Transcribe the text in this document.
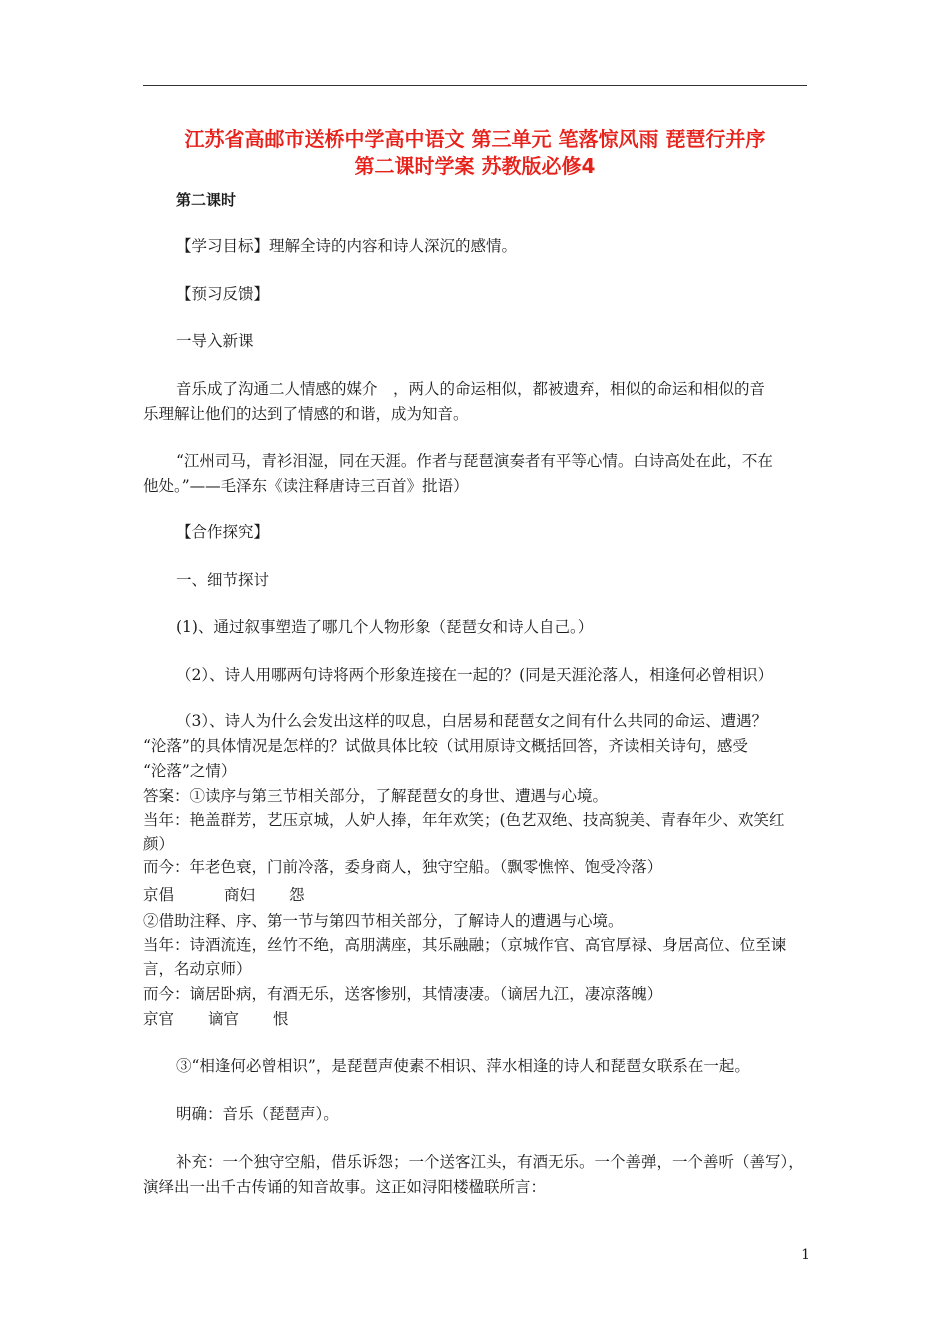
江苏省高邮市送桥中学高中语文 第三单元 笔落惊风雨 琵琶行并序
第二课时学案 苏教版必修4
第二课时
【学习目标】理解全诗的内容和诗人深沉的感情。
【预习反馈】
一导入新课
音乐成了沟通二人情感的媒介　，两人的命运相似，都被遗弃，相似的命运和相似的音
乐理解让他们的达到了情感的和谐，成为知音。
“江州司马，青衫泪湿，同在天涯。作者与琵琶演奏者有平等心情。白诗高处在此，不在
他处。”——毛泽东《读注释唐诗三百首》批语）
【合作探究】
一、细节探讨
(1)、通过叙事塑造了哪几个人物形象（琵琶女和诗人自己。）
（2）、诗人用哪两句诗将两个形象连接在一起的？(同是天涯沦落人，相逢何必曾相识）
（3）、诗人为什么会发出这样的叹息，白居易和琵琶女之间有什么共同的命运、遭遇？
“沦落”的具体情况是怎样的？试做具体比较（试用原诗文概括回答，齐读相关诗句，感受
“沦落”之情）
答案：①读序与第三节相关部分，了解琵琶女的身世、遭遇与心境。
当年：艳盖群芳，艺压京城，人妒人捧，年年欢笑；(色艺双绝、技高貌美、青春年少、欢笑红
颜）
而今：年老色衰，门前冷落，委身商人，独守空船。（飘零憔悴、饱受冷落）
京倡	商妇 怨
②借助注释、序、第一节与第四节相关部分，了解诗人的遭遇与心境。
当年：诗酒流连，丝竹不绝，高朋满座，其乐融融；（京城作官、高官厚禄、身居高位、位至谏
言，名动京师）
而今：谪居卧病，有酒无乐，送客惨别，其情凄凄。（谪居九江，凄凉落魄）
京官 谪官 恨
③“相逢何必曾相识”，是琵琶声使素不相识、萍水相逢的诗人和琵琶女联系在一起。
明确：音乐（琵琶声）。
补充：一个独守空船，借乐诉怨；一个送客江头，有酒无乐。一个善弹，一个善听（善写），
演绎出一出千古传诵的知音故事。这正如浔阳楼楹联所言：
1
